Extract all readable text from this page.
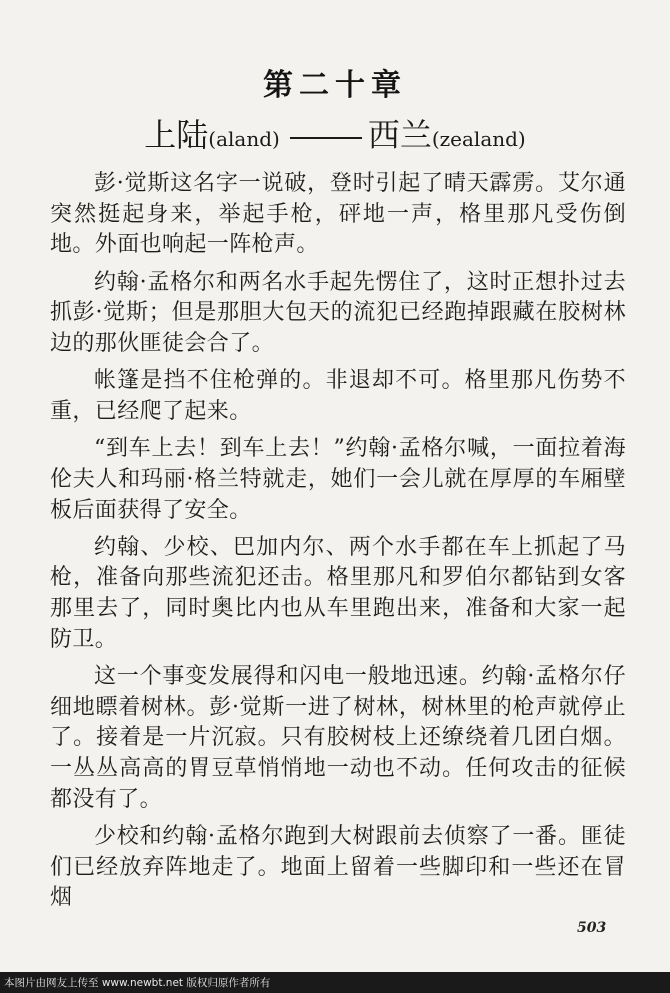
第二十章
上陆(aland)	西兰(zealand)

彭·觉斯这名字一说破，登时引起了晴天霹雳。艾尔通突然挺起身来，举起手枪，砰地一声，格里那凡受伤倒地。外面也响起一阵枪声。

约翰·孟格尔和两名水手起先愣住了，这时正想扑过去抓彭·觉斯；但是那胆大包天的流犯已经跑掉跟藏在胶树林边的那伙匪徒会合了。

帐篷是挡不住枪弹的。非退却不可。格里那凡伤势不重，已经爬了起来。

“到车上去！到车上去！”约翰·孟格尔喊，一面拉着海伦夫人和玛丽·格兰特就走，她们一会儿就在厚厚的车厢壁板后面获得了安全。

约翰、少校、巴加内尔、两个水手都在车上抓起了马枪，准备向那些流犯还击。格里那凡和罗伯尔都钻到女客那里去了，同时奥比内也从车里跑出来，准备和大家一起防卫。

这一个事变发展得和闪电一般地迅速。约翰·孟格尔仔细地瞟着树林。彭·觉斯一进了树林，树林里的枪声就停止了。接着是一片沉寂。只有胶树枝上还缭绕着几团白烟。一丛丛高高的胃豆草悄悄地一动也不动。任何攻击的征候都没有了。

少校和约翰·孟格尔跑到大树跟前去侦察了一番。匪徒们已经放弃阵地走了。地面上留着一些脚印和一些还在冒烟

503
本图片由网友上传至 www.newbt.net 版权归原作者所有
